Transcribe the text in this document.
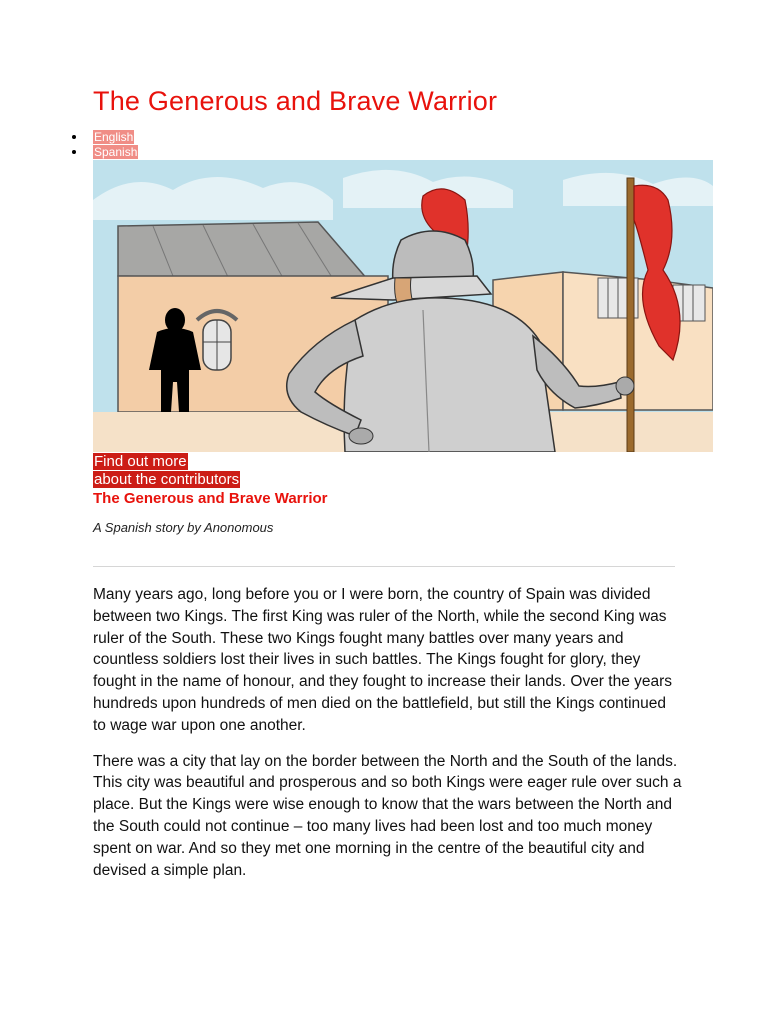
The Generous and Brave Warrior
English
Spanish
Find out more
about the contributors
The Generous and Brave Warrior

A Spanish story by Anonomous

Many years ago, long before you or I were born, the country of Spain was divided between two Kings. The first King was ruler of the North, while the second King was ruler of the South. These two Kings fought many battles over many years and countless soldiers lost their lives in such battles. The Kings fought for glory, they fought in the name of honour, and they fought to increase their lands. Over the years hundreds upon hundreds of men died on the battlefield, but still the Kings continued to wage war upon one another.

There was a city that lay on the border between the North and the South of the lands. This city was beautiful and prosperous and so both Kings were eager rule over such a place. But the Kings were wise enough to know that the wars between the North and the South could not continue – too many lives had been lost and too much money spent on war. And so they met one morning in the centre of the beautiful city and devised a simple plan.
